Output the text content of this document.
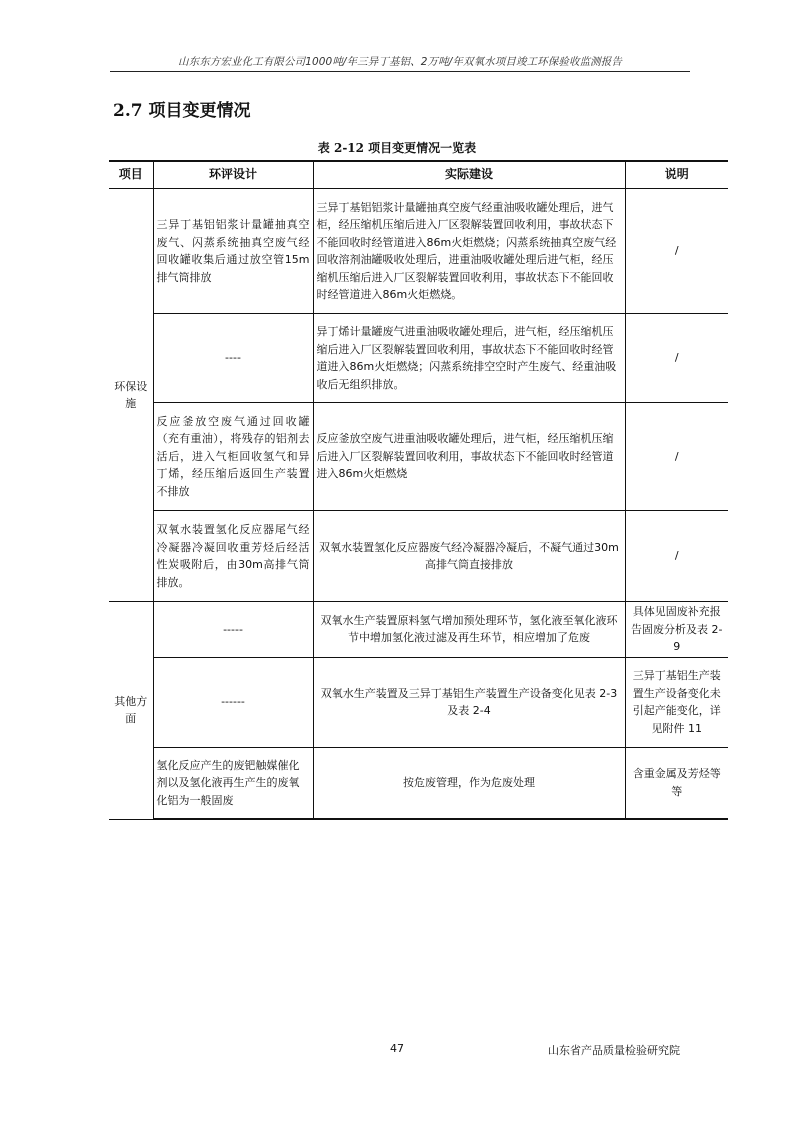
山东东方宏业化工有限公司1000吨/年三异丁基铝、2万吨/年双氧水项目竣工环保验收监测报告
2.7 项目变更情况
表 2-12 项目变更情况一览表
项目	环评设计	实际建设	说明
环保设施	三异丁基铝铝浆计量罐抽真空废气、闪蒸系统抽真空废气经回收罐收集后通过放空管15m排气筒排放	三异丁基铝铝浆计量罐抽真空废气经重油吸收罐处理后，进气柜，经压缩机压缩后进入厂区裂解装置回收利用，事故状态下不能回收时经管道进入86m火炬燃烧；闪蒸系统抽真空废气经回收溶剂油罐吸收处理后，进重油吸收罐处理后进气柜，经压缩机压缩后进入厂区裂解装置回收利用，事故状态下不能回收时经管道进入86m火炬燃烧。	/
	----	异丁烯计量罐废气进重油吸收罐处理后，进气柜，经压缩机压缩后进入厂区裂解装置回收利用，事故状态下不能回收时经管道进入86m火炬燃烧；闪蒸系统排空空时产生废气、经重油吸收后无组织排放。	/
	反应釜放空废气通过回收罐（充有重油），将残存的铝剂去活后，进入气柜回收氢气和异丁烯，经压缩后返回生产装置不排放	反应釜放空废气进重油吸收罐处理后，进气柜，经压缩机压缩后进入厂区裂解装置回收利用，事故状态下不能回收时经管道进入86m火炬燃烧	/
	双氧水装置氢化反应器尾气经冷凝器冷凝回收重芳烃后经活性炭吸附后，由30m高排气筒排放。	双氧水装置氢化反应器废气经冷凝器冷凝后，不凝气通过30m高排气筒直接排放	/
其他方面	-----	双氧水生产装置原料氢气增加预处理环节，氢化液至氧化液环节中增加氢化液过滤及再生环节，相应增加了危废	具体见固废补充报告固废分析及表 2-9
	------	双氧水生产装置及三异丁基铝生产装置生产设备变化见表 2-3 及表 2-4	三异丁基铝生产装置生产设备变化未引起产能变化，详见附件 11
	氢化反应产生的废钯触媒催化剂以及氢化液再生产生的废氧化铝为一般固废	按危废管理，作为危废处理	含重金属及芳烃等等
47	山东省产品质量检验研究院
